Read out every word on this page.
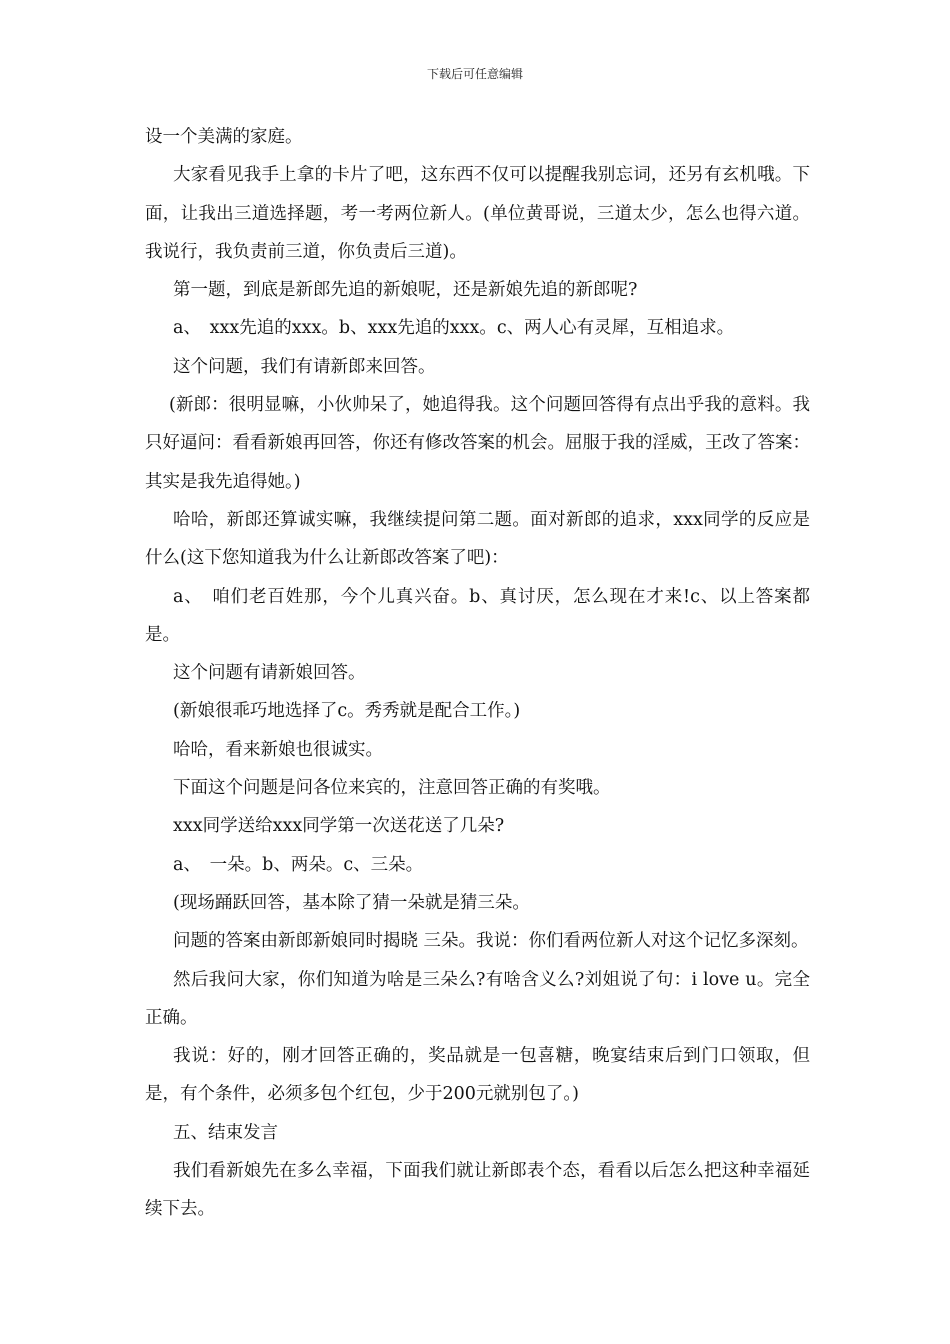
下载后可任意编辑

设一个美满的家庭。

大家看见我手上拿的卡片了吧，这东西不仅可以提醒我别忘词，还另有玄机哦。下面，让我出三道选择题，考一考两位新人。(单位黄哥说，三道太少，怎么也得六道。我说行，我负责前三道，你负责后三道)。

第一题，到底是新郎先追的新娘呢，还是新娘先追的新郎呢?

a、　xxx先追的xxx。b、xxx先追的xxx。c、两人心有灵犀，互相追求。

这个问题，我们有请新郎来回答。

(新郎：很明显嘛，小伙帅呆了，她追得我。这个问题回答得有点出乎我的意料。我只好逼问：看看新娘再回答，你还有修改答案的机会。屈服于我的淫威，王改了答案：其实是我先追得她。)

哈哈，新郎还算诚实嘛，我继续提问第二题。面对新郎的追求，xxx同学的反应是什么(这下您知道我为什么让新郎改答案了吧)：

a、　咱们老百姓那，今个儿真兴奋。b、真讨厌，怎么现在才来!c、以上答案都是。

这个问题有请新娘回答。

(新娘很乖巧地选择了c。秀秀就是配合工作。)

哈哈，看来新娘也很诚实。

下面这个问题是问各位来宾的，注意回答正确的有奖哦。

xxx同学送给xxx同学第一次送花送了几朵?

a、　一朵。b、两朵。c、三朵。

(现场踊跃回答，基本除了猜一朵就是猜三朵。

问题的答案由新郎新娘同时揭晓 三朵。我说：你们看两位新人对这个记忆多深刻。

然后我问大家，你们知道为啥是三朵么?有啥含义么?刘姐说了句：i love u。完全正确。

我说：好的，刚才回答正确的，奖品就是一包喜糖，晚宴结束后到门口领取，但是，有个条件，必须多包个红包，少于200元就别包了。)

五、结束发言

我们看新娘先在多么幸福，下面我们就让新郎表个态，看看以后怎么把这种幸福延续下去。
